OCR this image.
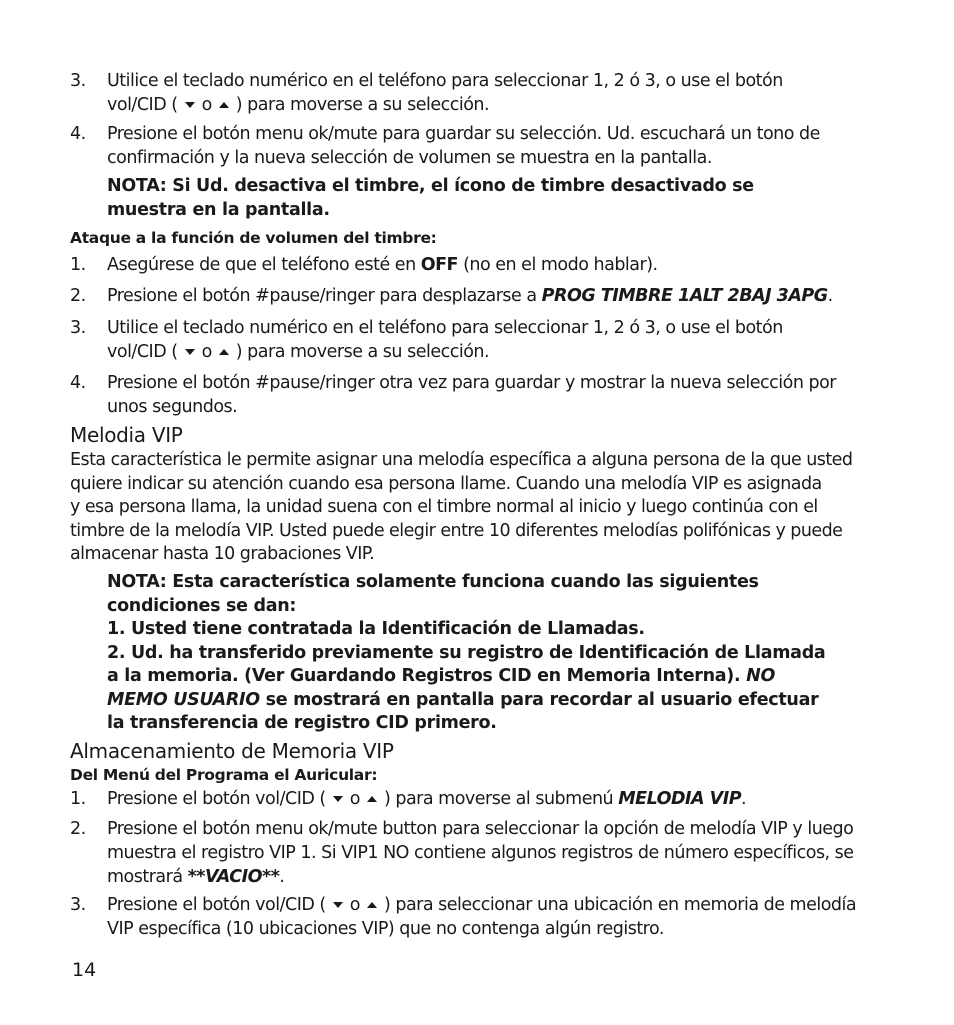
3.	Utilice el teclado numérico en el teléfono para seleccionar 1, 2 ó 3, o use el botón
vol/CID ( o ) para moverse a su selección.
4.	Presione el botón menu ok/mute para guardar su selección. Ud. escuchará un tono de
confirmación y la nueva selección de volumen se muestra en la pantalla.
NOTA: Si Ud. desactiva el timbre, el ícono de timbre desactivado se
muestra en la pantalla.
Ataque a la función de volumen del timbre:
1.	Asegúrese de que el teléfono esté en OFF (no en el modo hablar).
2.	Presione el botón #pause/ringer para desplazarse a PROG TIMBRE 1ALT 2BAJ 3APG.
3.	Utilice el teclado numérico en el teléfono para seleccionar 1, 2 ó 3, o use el botón
vol/CID ( o ) para moverse a su selección.
4.	Presione el botón #pause/ringer otra vez para guardar y mostrar la nueva selección por
unos segundos.
Melodia VIP
Esta característica le permite asignar una melodía específica a alguna persona de la que usted
quiere indicar su atención cuando esa persona llame. Cuando una melodía VIP es asignada
y esa persona llama, la unidad suena con el timbre normal al inicio y luego continúa con el
timbre de la melodía VIP. Usted puede elegir entre 10 diferentes melodías polifónicas y puede
almacenar hasta 10 grabaciones VIP.
NOTA: Esta característica solamente funciona cuando las siguientes
condiciones se dan:
1. Usted tiene contratada la Identificación de Llamadas.
2. Ud. ha transferido previamente su registro de Identificación de Llamada
a la memoria. (Ver Guardando Registros CID en Memoria Interna). NO
MEMO USUARIO se mostrará en pantalla para recordar al usuario efectuar
la transferencia de registro CID primero.
Almacenamiento de Memoria VIP
Del Menú del Programa el Auricular:
1.	Presione el botón vol/CID ( o ) para moverse al submenú MELODIA VIP.
2.	Presione el botón menu ok/mute button para seleccionar la opción de melodía VIP y luego
muestra el registro VIP 1. Si VIP1 NO contiene algunos registros de número específicos, se
mostrará **VACIO**.
3.	Presione el botón vol/CID ( o ) para seleccionar una ubicación en memoria de melodía
VIP específica (10 ubicaciones VIP) que no contenga algún registro.
14
